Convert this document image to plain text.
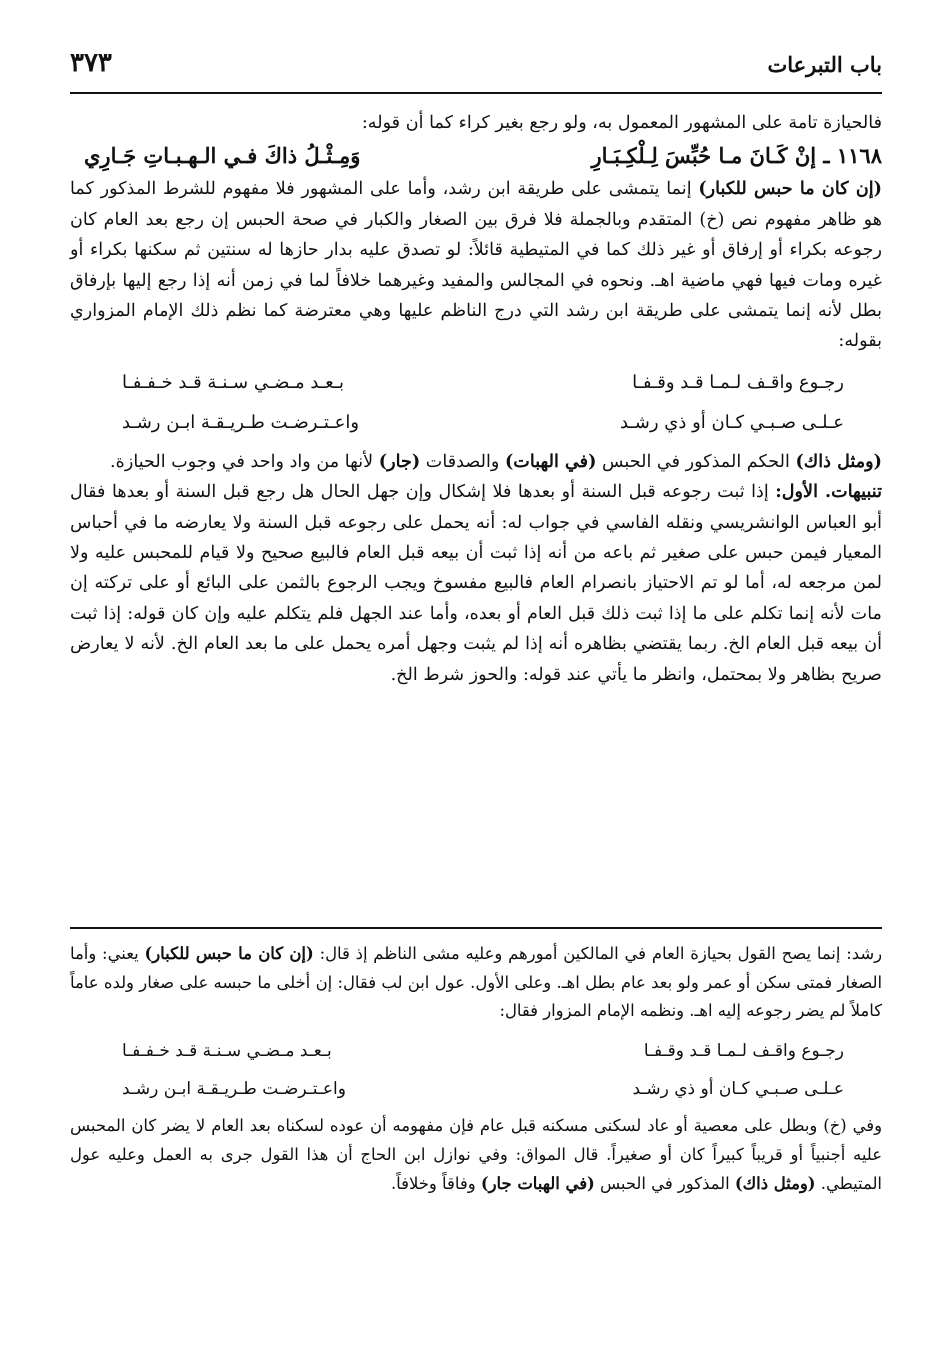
باب التبرعات
٣٧٣

فالحيازة تامة على المشهور المعمول به، ولو رجع بغير كراء كما أن قوله:

١١٦٨ ـ إنْ كَـانَ مـا حُبِّسَ لِـلْكِـبَـارِ
وَمِـثْـلُ ذاكَ فـي الـهـبـاتِ جَـارِي

(إن كان ما حبس للكبار) إنما يتمشى على طريقة ابن رشد، وأما على المشهور فلا مفهوم للشرط المذكور كما هو ظاهر مفهوم نص (خ) المتقدم وبالجملة فلا فرق بين الصغار والكبار في صحة الحبس إن رجع بعد العام كان رجوعه بكراء أو إرفاق أو غير ذلك كما في المتيطية قائلاً: لو تصدق عليه بدار حازها له سنتين ثم سكنها بكراء أو غيره ومات فيها فهي ماضية اهـ. ونحوه في المجالس والمفيد وغيرهما خلافاً لما في زمن أنه إذا رجع إليها بإرفاق بطل لأنه إنما يتمشى على طريقة ابن رشد التي درج الناظم عليها وهي معترضة كما نظم ذلك الإمام المزواري بقوله:

رجـوع واقـف لـمـا قـد وقـفـا
بـعـد مـضـي سـنـة قـد خـفـفـا
عـلـى صـبـي كـان أو ذي رشـد
واعـتـرضـت طـريـقـة ابـن رشـد

(ومثل ذاك) الحكم المذكور في الحبس (في الهبات) والصدقات (جار) لأنها من واد واحد في وجوب الحيازة.

تنبيهات. الأول: إذا ثبت رجوعه قبل السنة أو بعدها فلا إشكال وإن جهل الحال هل رجع قبل السنة أو بعدها فقال أبو العباس الوانشريسي ونقله الفاسي في جواب له: أنه يحمل على رجوعه قبل السنة ولا يعارضه ما في أحباس المعيار فيمن حبس على صغير ثم باعه من أنه إذا ثبت أن بيعه قبل العام فالبيع صحيح ولا قيام للمحبس عليه ولا لمن مرجعه له، أما لو تم الاحتياز بانصرام العام فالبيع مفسوخ ويجب الرجوع بالثمن على البائع أو على تركته إن مات لأنه إنما تكلم على ما إذا ثبت ذلك قبل العام أو بعده، وأما عند الجهل فلم يتكلم عليه وإن كان قوله: إذا ثبت أن بيعه قبل العام الخ. ربما يقتضي بظاهره أنه إذا لم يثبت وجهل أمره يحمل على ما بعد العام الخ. لأنه لا يعارض صريح بظاهر ولا بمحتمل، وانظر ما يأتي عند قوله: والحوز شرط الخ.

رشد: إنما يصح القول بحيازة العام في المالكين أمورهم وعليه مشى الناظم إذ قال: (إن كان ما حبس للكبار) يعني: وأما الصغار فمتى سكن أو عمر ولو بعد عام بطل اهـ. وعلى الأول. عول ابن لب فقال: إن أخلى ما حبسه على صغار ولده عاماً كاملاً لم يضر رجوعه إليه اهـ. ونظمه الإمام المزوار فقال:

رجـوع واقـف لـمـا قـد وقـفـا
بـعـد مـضـي سـنـة قـد خـفـفـا
عـلـى صـبـي كـان أو ذي رشـد
واعـتـرضـت طـريـقـة ابـن رشـد

وفي (خ) وبطل على معصية أو عاد لسكنى مسكنه قبل عام فإن مفهومه أن عوده لسكناه بعد العام لا يضر كان المحبس عليه أجنبياً أو قريباً كبيراً كان أو صغيراً. قال المواق: وفي نوازل ابن الحاج أن هذا القول جرى به العمل وعليه عول المتيطي. (ومثل ذاك) المذكور في الحبس (في الهبات جار) وفاقاً وخلافاً.
